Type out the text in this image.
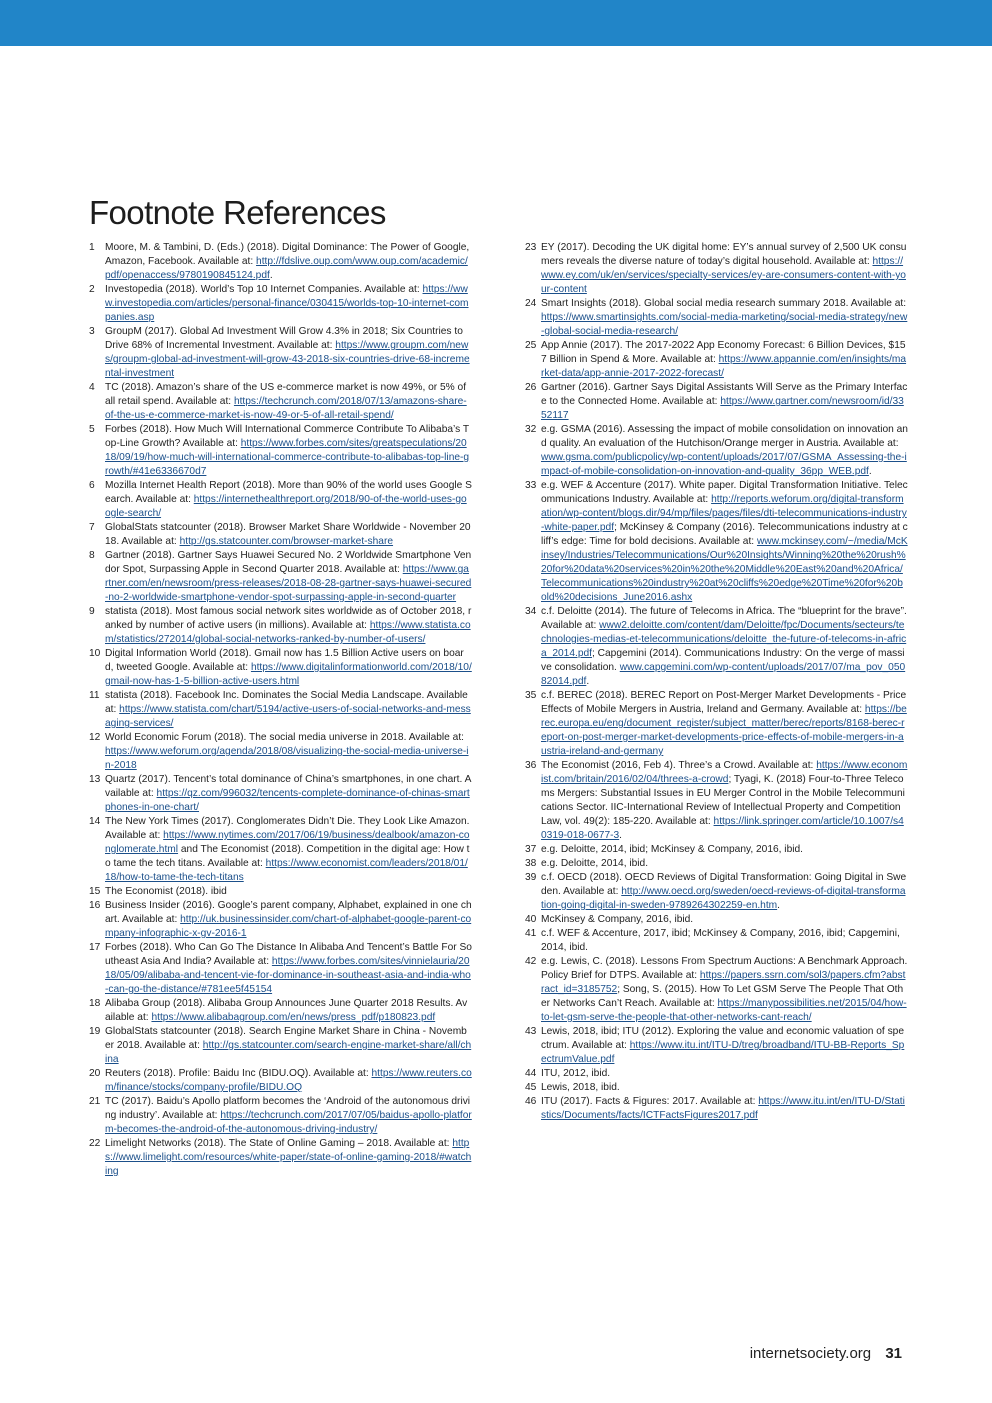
Footnote References
1	Moore, M. & Tambini, D. (Eds.) (2018). Digital Dominance: The Power of Google, Amazon, Facebook. Available at: http://fdslive.oup.com/www.oup.com/academic/pdf/openaccess/9780190845124.pdf.
2	Investopedia (2018). World’s Top 10 Internet Companies. Available at: https://www.investopedia.com/articles/personal-finance/030415/worlds-top-10-internet-companies.asp
3	GroupM (2017). Global Ad Investment Will Grow 4.3% in 2018; Six Countries to Drive 68% of Incremental Investment. Available at: https://www.groupm.com/news/groupm-global-ad-investment-will-grow-43-2018-six-countries-drive-68-incremental-investment
4	TC (2018). Amazon’s share of the US e-commerce market is now 49%, or 5% of all retail spend. Available at: https://techcrunch.com/2018/07/13/amazons-share-of-the-us-e-commerce-market-is-now-49-or-5-of-all-retail-spend/
5	Forbes (2018). How Much Will International Commerce Contribute To Alibaba’s Top-Line Growth? Available at: https://www.forbes.com/sites/greatspeculations/2018/09/19/how-much-will-international-commerce-contribute-to-alibabas-top-line-growth/#41e6336670d7
6	Mozilla Internet Health Report (2018). More than 90% of the world uses Google Search. Available at: https://internethealthreport.org/2018/90-of-the-world-uses-google-search/
7	GlobalStats statcounter (2018). Browser Market Share Worldwide - November 2018. Available at: http://gs.statcounter.com/browser-market-share
8	Gartner (2018). Gartner Says Huawei Secured No. 2 Worldwide Smartphone Vendor Spot, Surpassing Apple in Second Quarter 2018. Available at: https://www.gartner.com/en/newsroom/press-releases/2018-08-28-gartner-says-huawei-secured-no-2-worldwide-smartphone-vendor-spot-surpassing-apple-in-second-quarter
9	statista (2018). Most famous social network sites worldwide as of October 2018, ranked by number of active users (in millions). Available at: https://www.statista.com/statistics/272014/global-social-networks-ranked-by-number-of-users/
10 Digital Information World (2018). Gmail now has 1.5 Billion Active users on board, tweeted Google. Available at: https://www.digitalinformationworld.com/2018/10/gmail-now-has-1-5-billion-active-users.html
11 statista (2018). Facebook Inc. Dominates the Social Media Landscape. Available at: https://www.statista.com/chart/5194/active-users-of-social-networks-and-messaging-services/
12 World Economic Forum (2018). The social media universe in 2018. Available at: https://www.weforum.org/agenda/2018/08/visualizing-the-social-media-universe-in-2018
13 Quartz (2017). Tencent’s total dominance of China’s smartphones, in one chart. Available at: https://qz.com/996032/tencents-complete-dominance-of-chinas-smartphones-in-one-chart/
14 The New York Times (2017). Conglomerates Didn’t Die. They Look Like Amazon. Available at: https://www.nytimes.com/2017/06/19/business/dealbook/amazon-conglomerate.html and The Economist (2018). Competition in the digital age: How to tame the tech titans. Available at: https://www.economist.com/leaders/2018/01/18/how-to-tame-the-tech-titans
15 The Economist (2018). ibid
16 Business Insider (2016). Google’s parent company, Alphabet, explained in one chart. Available at: http://uk.businessinsider.com/chart-of-alphabet-google-parent-company-infographic-x-gv-2016-1
17 Forbes (2018). Who Can Go The Distance In Alibaba And Tencent’s Battle For Southeast Asia And India? Available at: https://www.forbes.com/sites/vinnielauria/2018/05/09/alibaba-and-tencent-vie-for-dominance-in-southeast-asia-and-india-who-can-go-the-distance/#781ee5f45154
18 Alibaba Group (2018). Alibaba Group Announces June Quarter 2018 Results. Available at: https://www.alibabagroup.com/en/news/press_pdf/p180823.pdf
19 GlobalStats statcounter (2018). Search Engine Market Share in China - November 2018. Available at: http://gs.statcounter.com/search-engine-market-share/all/china
20 Reuters (2018). Profile: Baidu Inc (BIDU.OQ). Available at: https://www.reuters.com/finance/stocks/company-profile/BIDU.OQ
21 TC (2017). Baidu’s Apollo platform becomes the ‘Android of the autonomous driving industry’. Available at: https://techcrunch.com/2017/07/05/baidus-apollo-platform-becomes-the-android-of-the-autonomous-driving-industry/
22 Limelight Networks (2018). The State of Online Gaming – 2018. Available at: https://www.limelight.com/resources/white-paper/state-of-online-gaming-2018/#watching
23 EY (2017). Decoding the UK digital home: EY’s annual survey of 2,500 UK consumers reveals the diverse nature of today’s digital household. Available at: https://www.ey.com/uk/en/services/specialty-services/ey-are-consumers-content-with-your-content
24 Smart Insights (2018). Global social media research summary 2018. Available at: https://www.smartinsights.com/social-media-marketing/social-media-strategy/new-global-social-media-research/
25 App Annie (2017). The 2017-2022 App Economy Forecast: 6 Billion Devices, $157 Billion in Spend & More. Available at: https://www.appannie.com/en/insights/market-data/app-annie-2017-2022-forecast/
26 Gartner (2016). Gartner Says Digital Assistants Will Serve as the Primary Interface to the Connected Home. Available at: https://www.gartner.com/newsroom/id/3352117
32 e.g. GSMA (2016). Assessing the impact of mobile consolidation on innovation and quality. An evaluation of the Hutchison/Orange merger in Austria. Available at: www.gsma.com/publicpolicy/wp-content/uploads/2017/07/GSMA_Assessing-the-impact-of-mobile-consolidation-on-innovation-and-quality_36pp_WEB.pdf.
33 e.g. WEF & Accenture (2017). White paper. Digital Transformation Initiative. Telecommunications Industry. Available at: http://reports.weforum.org/digital-transformation/wp-content/blogs.dir/94/mp/files/pages/files/dti-telecommunications-industry-white-paper.pdf; McKinsey & Company (2016). Telecommunications industry at cliff’s edge: Time for bold decisions. Available at: www.mckinsey.com/~/media/McKinsey/Industries/Telecommunications/Our%20Insights/Winning%20the%20rush%20for%20data%20services%20in%20the%20Middle%20East%20and%20Africa/Telecommunications%20industry%20at%20cliffs%20edge%20Time%20for%20bold%20decisions_June2016.ashx
34 c.f. Deloitte (2014). The future of Telecoms in Africa. The “blueprint for the brave”. Available at: www2.deloitte.com/content/dam/Deloitte/fpc/Documents/secteurs/technologies-medias-et-telecommunications/deloitte_the-future-of-telecoms-in-africa_2014.pdf; Capgemini (2014). Communications Industry: On the verge of massive consolidation. www.capgemini.com/wp-content/uploads/2017/07/ma_pov_05082014.pdf.
35 c.f. BEREC (2018). BEREC Report on Post-Merger Market Developments - Price Effects of Mobile Mergers in Austria, Ireland and Germany. Available at: https://berec.europa.eu/eng/document_register/subject_matter/berec/reports/8168-berec-report-on-post-merger-market-developments-price-effects-of-mobile-mergers-in-austria-ireland-and-germany
36 The Economist (2016, Feb 4). Three’s a Crowd. Available at: https://www.economist.com/britain/2016/02/04/threes-a-crowd; Tyagi, K. (2018) Four-to-Three Telecoms Mergers: Substantial Issues in EU Merger Control in the Mobile Telecommunications Sector. IIC-International Review of Intellectual Property and Competition Law, vol. 49(2): 185-220. Available at: https://link.springer.com/article/10.1007/s40319-018-0677-3.
37 e.g. Deloitte, 2014, ibid; McKinsey & Company, 2016, ibid.
38 e.g. Deloitte, 2014, ibid.
39 c.f. OECD (2018). OECD Reviews of Digital Transformation: Going Digital in Sweden. Available at: http://www.oecd.org/sweden/oecd-reviews-of-digital-transformation-going-digital-in-sweden-9789264302259-en.htm.
40 McKinsey & Company, 2016, ibid.
41 c.f. WEF & Accenture, 2017, ibid; McKinsey & Company, 2016, ibid; Capgemini, 2014, ibid.
42 e.g. Lewis, C. (2018). Lessons From Spectrum Auctions: A Benchmark Approach. Policy Brief for DTPS. Available at: https://papers.ssrn.com/sol3/papers.cfm?abstract_id=3185752; Song, S. (2015). How To Let GSM Serve The People That Other Networks Can’t Reach. Available at: https://manypossibilities.net/2015/04/how-to-let-gsm-serve-the-people-that-other-networks-cant-reach/
43 Lewis, 2018, ibid; ITU (2012). Exploring the value and economic valuation of spectrum. Available at: https://www.itu.int/ITU-D/treg/broadband/ITU-BB-Reports_SpectrumValue.pdf
44 ITU, 2012, ibid.
45 Lewis, 2018, ibid.
46 ITU (2017). Facts & Figures: 2017. Available at: https://www.itu.int/en/ITU-D/Statistics/Documents/facts/ICTFactsFigures2017.pdf
internetsociety.org 31
